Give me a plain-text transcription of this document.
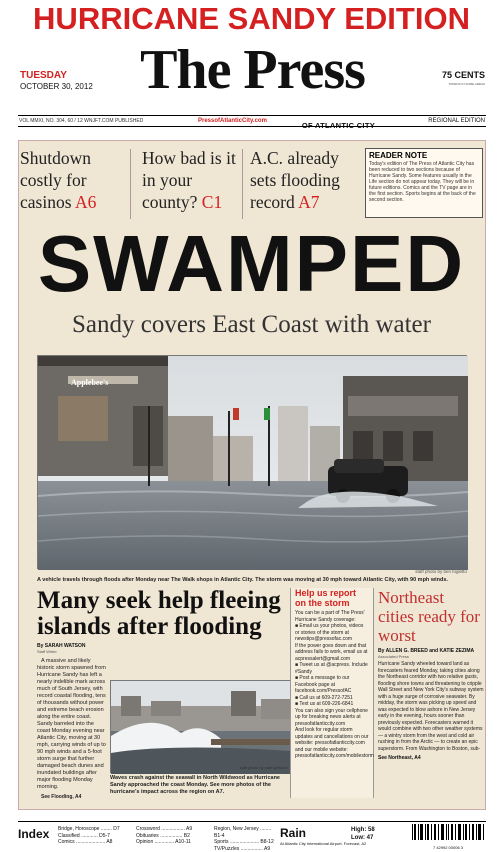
HURRICANE SANDY EDITION
TUESDAY
OCTOBER 30, 2012 The Press
OF ATLANTIC CITY
75 CENTS
TOPENS IN SOME AREAS
VOL MMXI, NO. 304, 60 / 12 WNJFT.COM PUBLISHED	PressofAtlanticCity.com	REGIONAL EDITION
Shutdown costly for casinos A6
How bad is it in your county? C1
A.C. already sets flooding record A7
READER NOTE
Today's edition of The Press of Atlantic City has been reduced to two sections because of Hurricane Sandy. Some features usually in the Life section do not appear today. They will be in future editions. Comics and the TV page are in the first section. Sports begins at the back of the second section.
SWAMPED
Sandy covers East Coast with water
Applebee's
staff photo by ben fogletto
A vehicle travels through floods after Monday near The Walk shops in Atlantic City. The storm was moving at 30 mph toward Atlantic City, with 90 mph winds.
Many seek help fleeing islands after flooding
By SARAH WATSON
Staff Writer
A massive and likely historic storm spawned from Hurricane Sandy has left a nearly indelible mark across much of South Jersey, with record coastal flooding, tens of thousands without power and extreme beach erosion along the entire coast. Sandy barreled into the coast Monday evening near Atlantic City, moving at 30 mph, carrying winds of up to 90 mph winds and a 5-foot storm surge that further damaged beach dunes and inundated buildings after major flooding Monday morning.
See Flooding, A4
staff photo by dale gerhard
Waves crash against the seawall in North Wildwood as Hurricane Sandy approached the coast Monday. See more photos of the hurricane's impact across the region on A7.
Help us report on the storm
You can be a part of The Press' Hurricane Sandy coverage:
■ Email us your photos, videos or stories of the storm at newstips@pressofac.com
If the power goes down and that address fails to work, email us at acpressalert@gmail.com
■ Tweet us at @acpress. Include #Sandy
■ Post a message to our Facebook page at facebook.com/PressofAC
■ Call us at 609-272-7251
■ Text us at 609-226-6841
You can also sign your cellphone up for breaking news alerts at pressofatlanticcity.com
And look for regular storm updates and cancellations on our website: pressofatlanticcity.com and our mobile website: pressofatlanticcity.com/mobilestorm
Northeast cities ready for worst
By ALLEN G. BREED and KATIE ZEZIMA
Associated Press
Hurricane Sandy wheeled toward land as forecasters feared Monday, taking cities along the Northeast corridor with two relative gusts, flooding shore towns and threatening to cripple Wall Street and New York City's subway system with a huge surge of corrosive seawater. By midday, the storm was picking up speed and was expected to blow ashore in New Jersey early in the evening, hours sooner than previously expected. Forecasters warned it would combine with two other weather systems — a wintry storm from the west and cold air rushing in from the Arctic — to create an epic superstorm. From Washington to Boston, sub-
See Northeast, A4
Index Bridge, Horoscope ........ D7
Classified ............ D5-7
Comics ..................... A8
Crossword ................. A9
Obituaries ................ B2
Opinion .............. A10-11
Region, New Jersey ........ B1-4
Sports ..................... B8-12
TV/Puzzles ................ A9
Rain
At Atlantic City International Airport. Forecast, A2
High: 58
Low: 47
7 42992 00006 3
